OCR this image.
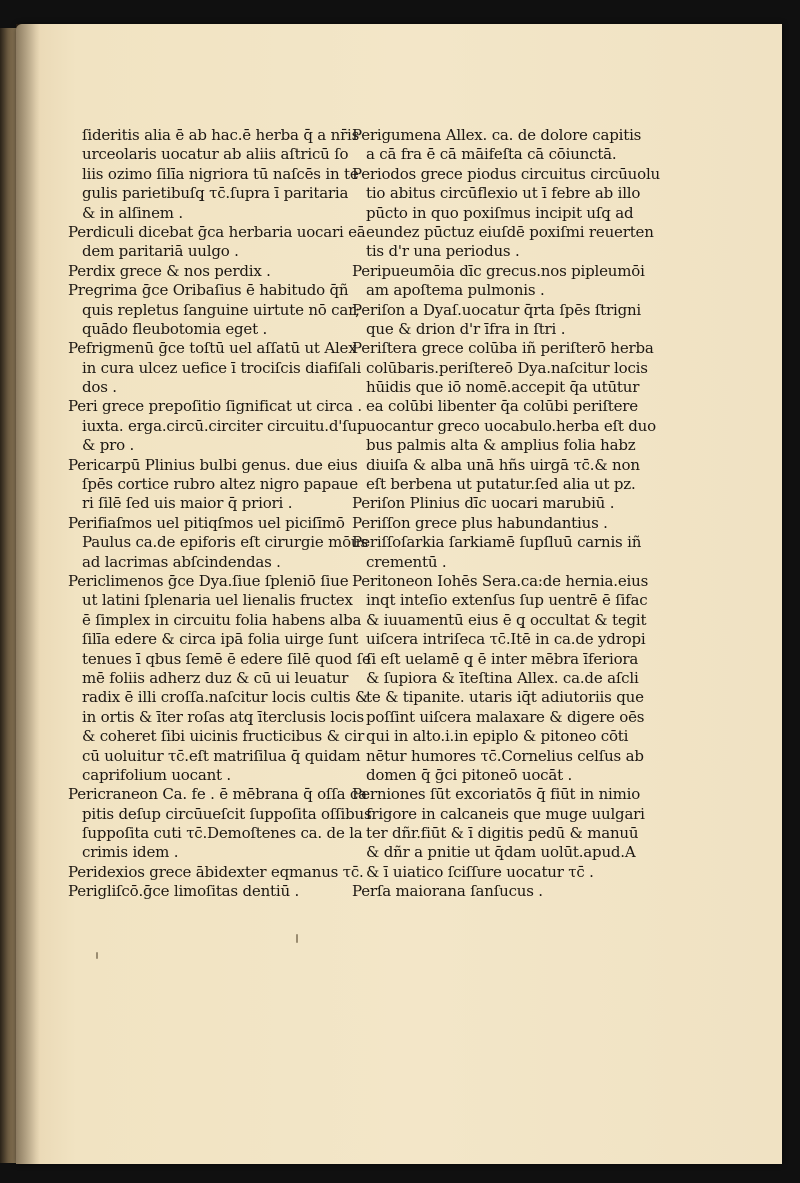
ſideritis alia ē ab hac.ē herba q̄ a nr̄is
urceolaris uocatur ab aliis aſtricū ſo
liis ozimo ſilīa nigriora tū naſcēs in te
gulis parietibuſq̧ τc̄.ſupra ī paritaria
& in alſinem .
Perdiculi dicebat ḡca herbaria uocari eā
dem paritariā uulgo .
Perdix grece & nos perdix .
Pregrima ḡce Oribaſius ē habitudo q̄ñ
quis repletus ſanguine uirtute nō car;
quādo fleubotomia eget .
Pefrigmenū ḡce toſtū uel aſſatū ut Alex
in cura ulcez uefice ī trociſcis diafiſali
dos .
Peri grece prepoſitio ſignificat ut circa .
iuxta. erga.circū.circiter circuitu.d'ſup
& pro .
Pericarpū Plinius bulbi genus. due eius
ſpēs cortice rubro altez nigro papaue
ri ſilē ſed uis maior q̄ priori .
Perifiaſmos uel pitiqſmos uel piciſīmō
Paulus ca.de epiforis eſt cirurgie mōus
ad lacrimas abſcindendas .
Periclimenos ḡce Dya.ſiue ſpleniō ſiue
ut latini ſplenaria uel lienalis fructex
ē ſimplex in circuitu folia habens alba
ſilīa edere & circa ipā folia uirge ſunt
tenues ī qbus ſemē ē edere ſilē quod ſe
mē foliis adherz duz & cū ui leuatur
radix ē illi croſſa.naſcitur locis cultis &
in ortis & īter roſas atq̧ īterclusis locis
& coheret ſibi uicinis fructicibus & cir
cū uoluitur τc̄.eſt matriſilua q̄ quidam
caprifolium uocant .
Pericraneon Ca. fe . ē mēbrana q̄ oſſa ca
pitis deſup circūueſcit ſuppoſita oſſibus
ſuppoſita cuti τc̄.Demoſtenes ca. de la
crimis idem .
Peridexios grece ābidexter eqmanus τc̄.
Perigliſcō.ḡce limoſitas dentiū .
Perigumena Allex. ca. de dolore capitis
a cā fra ē cā māifeſta cā cōiunctā.
Periodos grece piodus circuitus circūuolu
tio abitus circūflexio ut ī febre ab illo
pūcto in quo poxiſmus incipit uſq̧ ad
eundez pūctuz eiuſdē poxiſmi reuerten
tis d'r una periodus .
Peripueumōia dīc grecus.nos pipleumōi
am apoſtema pulmonis .
Periſon a Dyaſ.uocatur q̄rta ſpēs ſtrigni
que & drion d'r īfra in ſtri .
Periſtera grece colūba iñ periſterō herba
colūbaris.periſtereō Dya.naſcitur locis
hūidis que iō nomē.accepit q̄a utūtur
ea colūbi libenter q̄a colūbi periſtere
uocantur greco uocabulo.herba eſt duo
bus palmis alta & amplius folia habz
diuiſa & alba unā hñs uirgā τc̄.& non
eſt berbena ut putatur.ſed alia ut pz.
Periſon Plinius dīc uocari marubiū .
Periſſon grece plus habundantius .
Periſſoſarkia ſarkiamē ſupſluū carnis iñ
crementū .
Peritoneon Iohēs Sera.ca:de hernia.eius
inqt inteſio extenſus ſup uentrē ē ſifac
& iuuamentū eius ē q̧ occultat & tegit
uiſcera intriſeca τc̄.Itē in ca.de ydropi
ſi eſt uelamē q̧ ē inter mēbra īferiora
& ſupiora & īteſtina Allex. ca.de aſcli
te & tipanite. utaris iq̄t adiutoriis que
poſſint uiſcera malaxare & digere oēs
qui in alto.i.in epiplo & pitoneo cōti
nētur humores τc̄.Cornelius celſus ab
domen q̄ ḡci pitoneō uocāt .
Perniones ſūt excoriatōs q̄ fiūt in nimio
frigore in calcaneis que muge uulgari
ter dñr.fiūt & ī digitis pedū & manuū
& dñr a pnitie ut q̄dam uolūt.apud.A
& ī uiatico ſciſſure uocatur τc̄ .
Perſa maiorana ſanſucus .
